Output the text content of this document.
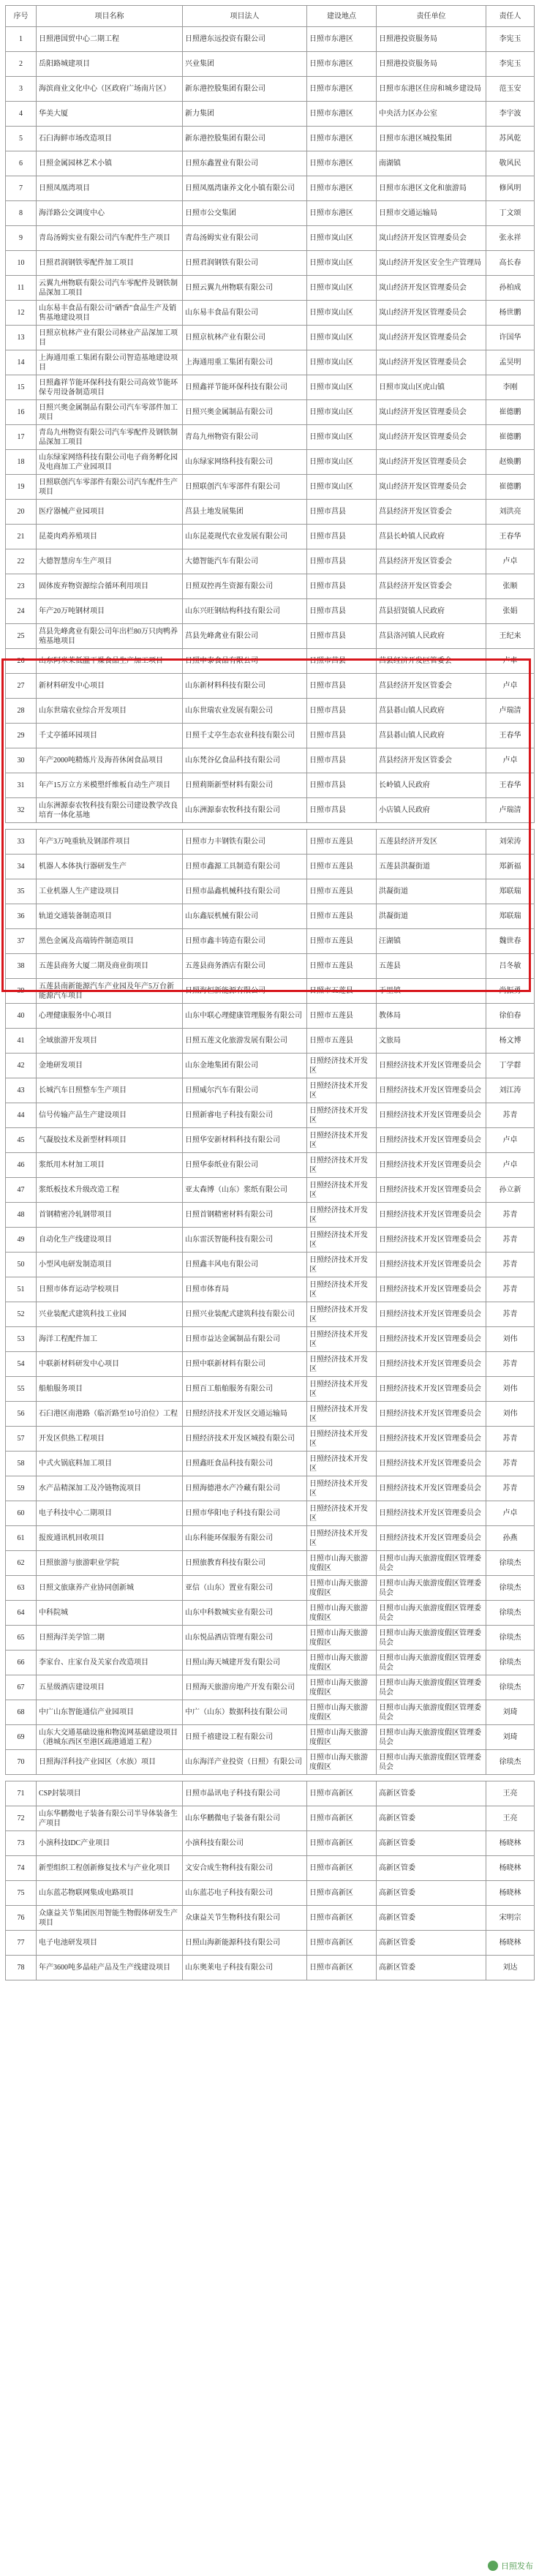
序号	项目名称	项目法人	建设地点	责任单位	责任人
1	日照港国贸中心二期工程	日照港东远投资有限公司	日照市东港区	日照港投资服务局	李宪玉
2	岳阳路城建项目	兴业集团	日照市东港区	日照港投资服务局	李宪玉
3	海滨商业文化中心（区政府广场南片区）	新东港控股集团有限公司	日照市东港区	日照市东港区住房和城乡建设局	范玉安
4	华美大厦	新力集团	日照市东港区	中央活力区办公室	李宇波
5	石臼海鲜市场改造项目	新东港控股集团有限公司	日照市东港区	日照市东港区城投集团	苏风乾
6	日照金属园林艺术小镇	日照东鑫置业有限公司	日照市东港区	南湖镇	敬风民
7	日照凤凰湾项目	日照凤凰湾康养文化小镇有限公司	日照市东港区	日照市东港区文化和旅游局	修风明
8	海洋路公交调度中心	日照市公交集团	日照市东港区	日照市交通运输局	丁文颂
9	青岛汤姆实业有限公司汽车配件生产项目	青岛汤姆实业有限公司	日照市岚山区	岚山经济开发区管理委员会	张永祥
10	日照君润钢铁零配件加工项目	日照君润钢铁有限公司	日照市岚山区	岚山经济开发区安全生产管理局	高长春
11	云翼九州物联有限公司汽车零配件及钢铁制品深加工项目	日照云翼九州物联有限公司	日照市岚山区	岚山经济开发区管理委员会	孙柏成
12	山东易丰食品有限公司"硒香"食品生产及销售基地建设项目	山东易丰食品有限公司	日照市岚山区	岚山经济开发区管理委员会	杨世鹏
13	日照京杭林产业有限公司林业产品深加工项目	日照京杭林产业有限公司	日照市岚山区	岚山经济开发区管理委员会	许国华
14	上海通用重工集团有限公司智造基地建设项目	上海通用重工集团有限公司	日照市岚山区	岚山经济开发区管理委员会	孟昊明
15	日照鑫祥节能环保科技有限公司高效节能环保专用设备制造项目	日照鑫祥节能环保科技有限公司	日照市岚山区	日照市岚山区虎山镇	李刚
16	日照兴奥金属制品有限公司汽车零部件加工项目	日照兴奥金属制品有限公司	日照市岚山区	岚山经济开发区管理委员会	崔德鹏
17	青岛九州物资有限公司汽车零配件及钢铁制品深加工项目	青岛九州物资有限公司	日照市岚山区	岚山经济开发区管理委员会	崔德鹏
18	山东绿家网络科技有限公司电子商务孵化园及电商加工产业园项目	山东绿家网络科技有限公司	日照市岚山区	岚山经济开发区管理委员会	赵焕鹏
19	日照联创汽车零部件有限公司汽车配件生产项目	日照联创汽车零部件有限公司	日照市岚山区	岚山经济开发区管理委员会	崔德鹏
20	医疗器械产业园项目	莒县土地发展集团	日照市莒县	莒县经济开发区管委会	刘洪亮
21	昆菱肉鸡养殖项目	山东昆菱现代农业发展有限公司	日照市莒县	莒县长岭镇人民政府	王春华
22	大德智慧房车生产项目	大德智能汽车有限公司	日照市莒县	莒县经济开发区管委会	卢卓
23	固体废弃物资源综合循环利用项目	日照双控再生资源有限公司	日照市莒县	莒县经济开发区管委会	张顺
24	年产20万吨钢材项目	山东兴旺钢结构科技有限公司	日照市莒县	莒县招贤镇人民政府	张娟
25	莒县先峰禽业有限公司年出栏80万只肉鸭养殖基地项目	莒县先峰禽业有限公司	日照市莒县	莒县洛河镇人民政府	王纪来
26	山东阿米莱低温干燥食品生产加工项目	日照申泰食品有限公司	日照市莒县	莒县经济开发区管委会	卢卓
27	新材料研发中心项目	山东新材料科技有限公司	日照市莒县	莒县经济开发区管委会	卢卓
28	山东世瑞农业综合开发项目	山东世瑞农业发展有限公司	日照市莒县	莒县碁山镇人民政府	卢瑞清
29	千丈亭循环园项目	日照千丈亭生态农业科技有限公司	日照市莒县	莒县碁山镇人民政府	王春华
30	年产2000吨精炼片及海苔休闲食品项目	山东梵谷亿食品科技有限公司	日照市莒县	莒县经济开发区管委会	卢卓
31	年产15万立方米模塑纤维板自动生产项目	日照莉斯新型材料有限公司	日照市莒县	长岭镇人民政府	王春华
32	山东洲源泰农牧科技有限公司建设教学改良培育一体化基地	山东洲源泰农牧科技有限公司	日照市莒县	小店镇人民政府	卢瑞清

33	年产3万吨重轨及钢部件项目	日照市力丰钢铁有限公司	日照市五莲县	五莲县经济开发区	刘荣涛
34	机器人本体执行器研发生产	日照市鑫源工具制造有限公司	日照市五莲县	五莲县洪凝街道	郑新福
35	工业机器人生产建设项目	日照市晶鑫机械科技有限公司	日照市五莲县	洪凝街道	郑联瑞
36	轨道交通装备制造项目	山东鑫辰机械有限公司	日照市五莲县	洪凝街道	郑联瑞
37	黑色金属及高端铸件制造项目	日照市鑫丰铸造有限公司	日照市五莲县	汪湖镇	魏世春
38	五莲县商务大厦二期及商业街项目	五莲县商务酒店有限公司	日照市五莲县	五莲县	吕冬敏
39	五莲县南新能源汽车产业园及年产5万台新能源汽车项目	日照海恒新能源有限公司	日照市五莲县	于里镇	尚振勇
40	心理健康服务中心项目	山东中联心理健康管理服务有限公司	日照市五莲县	教体局	徐伯春
41	全域旅游开发项目	日照五莲文化旅游发展有限公司	日照市五莲县	文旅局	杨文博
42	金地研发项目	山东金地集团有限公司	日照经济技术开发区	日照经济技术开发区管理委员会	丁学群
43	长城汽车日照整车生产项目	日照威尔汽车有限公司	日照经济技术开发区	日照经济技术开发区管理委员会	刘江涛
44	信号传输产品生产建设项目	日照新睿电子科技有限公司	日照经济技术开发区	日照经济技术开发区管理委员会	苏青
45	气凝胶技术及新型材料项目	日照华安新材料科技有限公司	日照经济技术开发区	日照经济技术开发区管理委员会	卢卓
46	浆纸用木材加工项目	日照华泰纸业有限公司	日照经济技术开发区	日照经济技术开发区管理委员会	卢卓
47	浆纸板技术升级改造工程	亚太森博（山东）浆纸有限公司	日照经济技术开发区	日照经济技术开发区管理委员会	孙立新
48	首钢精密冷轧钢带项目	日照首钢精密材料有限公司	日照经济技术开发区	日照经济技术开发区管理委员会	苏青
49	自动化生产线建设项目	山东雷沃智能科技有限公司	日照经济技术开发区	日照经济技术开发区管理委员会	苏青
50	小型风电研发制造项目	日照鑫丰风电有限公司	日照经济技术开发区	日照经济技术开发区管理委员会	苏青
51	日照市体育运动学校项目	日照市体育局	日照经济技术开发区	日照经济技术开发区管理委员会	苏青
52	兴业装配式建筑科技工业园	日照兴业装配式建筑科技有限公司	日照经济技术开发区	日照经济技术开发区管理委员会	苏青
53	海洋工程配件加工	日照市益达金属制品有限公司	日照经济技术开发区	日照经济技术开发区管理委员会	刘伟
54	中联新材料研发中心项目	日照中联新材料有限公司	日照经济技术开发区	日照经济技术开发区管理委员会	苏青
55	船舶服务项目	日照百工船舶服务有限公司	日照经济技术开发区	日照经济技术开发区管理委员会	刘伟
56	石臼港区南港路（临沂路至10号泊位）工程	日照经济技术开发区交通运输局	日照经济技术开发区	日照经济技术开发区管理委员会	刘伟
57	开发区供热工程项目	日照经济技术开发区城投有限公司	日照经济技术开发区	日照经济技术开发区管理委员会	苏青
58	中式火锅底料加工项目	日照鑫旺食品科技有限公司	日照经济技术开发区	日照经济技术开发区管理委员会	苏青
59	水产品精深加工及冷链物流项目	日照海德港水产冷藏有限公司	日照经济技术开发区	日照经济技术开发区管理委员会	苏青
60	电子科技中心二期项目	日照市华阳电子科技有限公司	日照经济技术开发区	日照经济技术开发区管理委员会	卢卓
61	报废通讯机回收项目	山东科能环保服务有限公司	日照经济技术开发区	日照经济技术开发区管理委员会	孙燕
62	日照旅游与旅游职业学院	日照旅教育科技有限公司	日照市山海天旅游度假区	日照市山海天旅游度假区管理委员会	徐琰杰
63	日照文旅康养产业协同创新城	亚信（山东）置业有限公司	日照市山海天旅游度假区	日照市山海天旅游度假区管理委员会	徐琰杰
64	中科院城	山东中科数城实业有限公司	日照市山海天旅游度假区	日照市山海天旅游度假区管理委员会	徐琰杰
65	日照海洋美学馆二期	山东悦品酒店管理有限公司	日照市山海天旅游度假区	日照市山海天旅游度假区管理委员会	徐琰杰
66	李家台、庄家台及关家台改造项目	日照山海天城建开发有限公司	日照市山海天旅游度假区	日照市山海天旅游度假区管理委员会	徐琰杰
67	五星级酒店建设项目	日照海天旅游房地产开发有限公司	日照市山海天旅游度假区	日照市山海天旅游度假区管理委员会	徐琰杰
68	中广山东智能通信产业园项目	中广（山东）数据科技有限公司	日照市山海天旅游度假区	日照市山海天旅游度假区管理委员会	刘琦
69	山东大交通基础设施和物流网基础建设项目（港城东西区至港区疏港通道工程）	日照千禧建设工程有限公司	日照市山海天旅游度假区	日照市山海天旅游度假区管理委员会	刘琦
70	日照海洋科技产业园区（水族）项目	山东海洋产业投资（日照）有限公司	日照市山海天旅游度假区	日照市山海天旅游度假区管理委员会	徐琰杰

71	CSP封装项目	日照市晶讯电子科技有限公司	日照市高新区	高新区管委	王亮
72	山东华鹏微电子装备有限公司半导体装备生产项目	山东华鹏微电子装备有限公司	日照市高新区	高新区管委	王亮
73	小演科技IDC产业项目	小演科技有限公司	日照市高新区	高新区管委	杨晓林
74	新型组织工程创新修复技术与产业化项目	文安合成生物科技有限公司	日照市高新区	高新区管委	杨晓林
75	山东蓝芯物联网集成电路项目	山东蓝芯电子科技有限公司	日照市高新区	高新区管委	杨晓林
76	众康益关节集团医用智能生物假体研发生产项目	众康益关节生物科技有限公司	日照市高新区	高新区管委	宋明宗
77	电子电池研发项目	日照山海新能源科技有限公司	日照市高新区	高新区管委	杨晓林
78	年产3600吨多晶硅产品及生产线建设项目	山东奥莱电子科技有限公司	日照市高新区	高新区管委	刘达
日照发布
